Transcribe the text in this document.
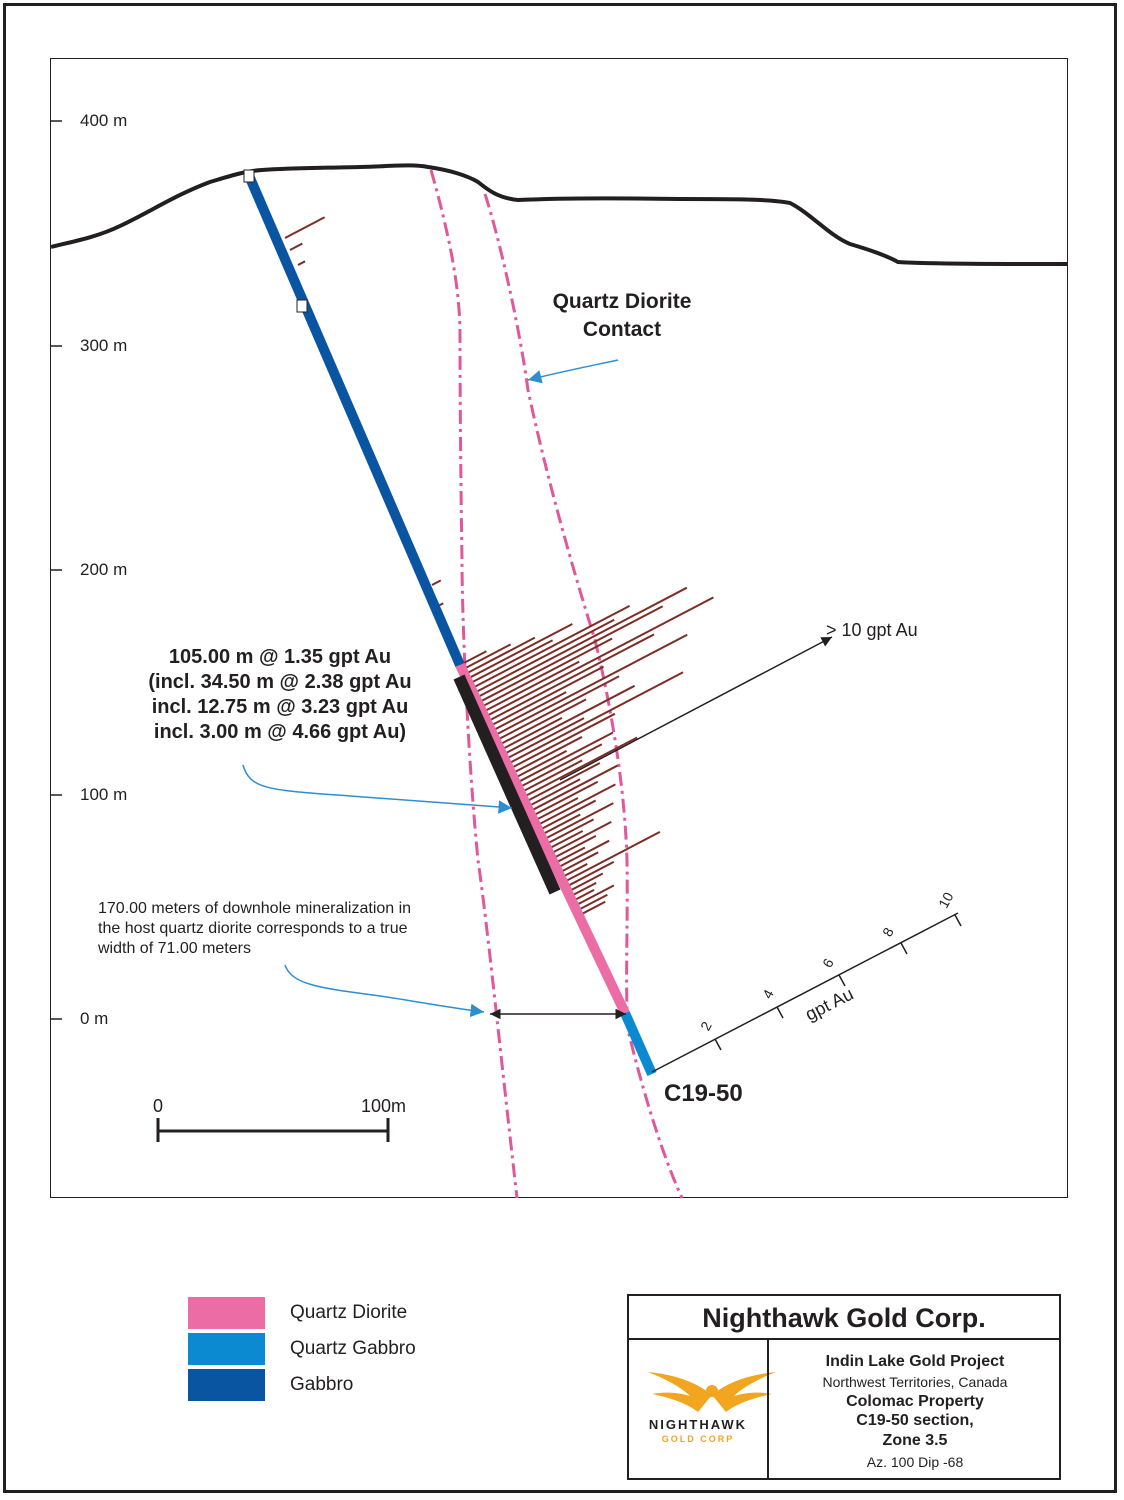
400 m
300 m
200 m
100 m
0 m
Quartz Diorite
Contact
105.00 m @ 1.35 gpt Au
(incl. 34.50 m @ 2.38 gpt Au
incl. 12.75 m @ 3.23 gpt Au
incl. 3.00 m @ 4.66 gpt Au)
> 10 gpt Au
170.00 meters of downhole mineralization in
the host quartz diorite corresponds to a true
width of 71.00 meters
C19-50
2
4
6
8
10
gpt Au
0	100m
Quartz Diorite
Quartz Gabbro
Gabbro
Nighthawk Gold Corp.
NIGHTHAWK
GOLD CORP
Indin Lake Gold Project
Northwest Territories, Canada
Colomac Property
C19-50 section,
Zone 3.5
Az. 100 Dip -68
